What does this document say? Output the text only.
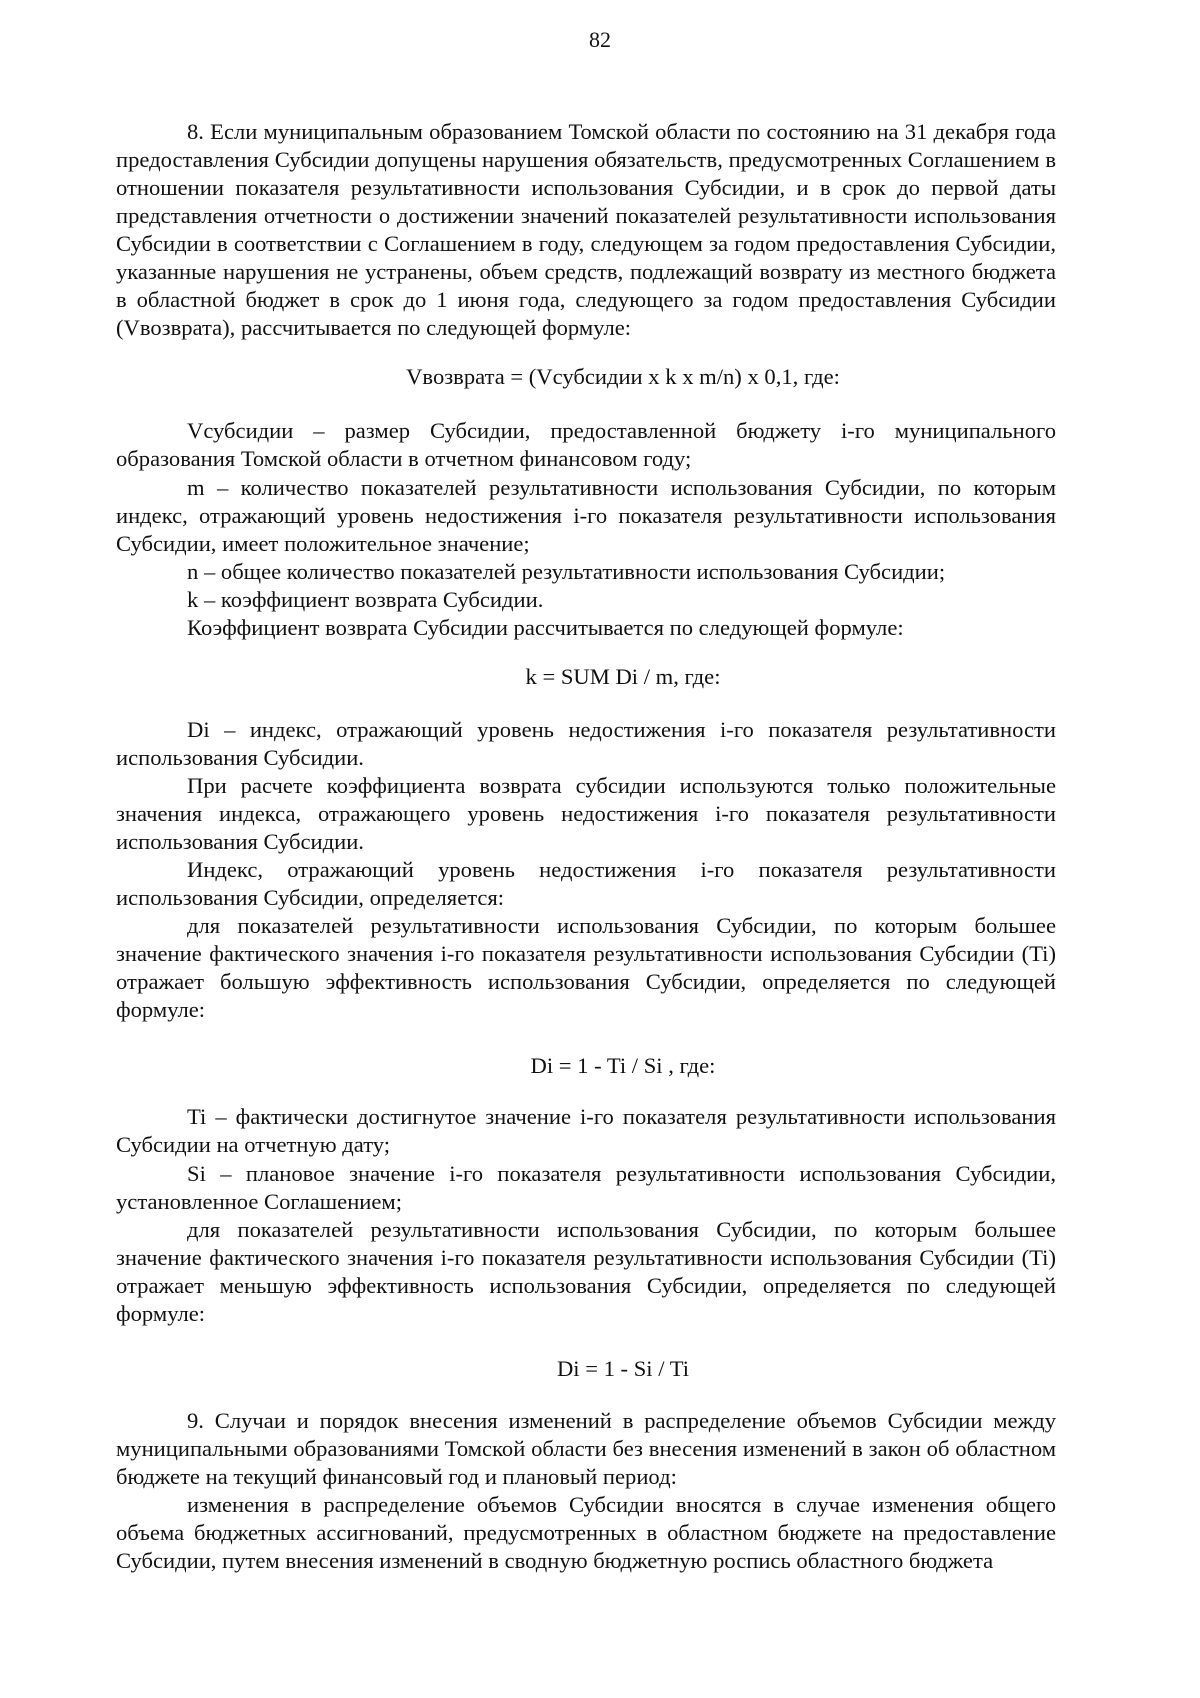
82

8. Если муниципальным образованием Томской области по состоянию на 31 декабря года предоставления Субсидии допущены нарушения обязательств, предусмотренных Соглашением в отношении показателя результативности использования Субсидии, и в срок до первой даты представления отчетности о достижении значений показателей результативности использования Субсидии в соответствии с Соглашением в году, следующем за годом предоставления Субсидии, указанные нарушения не устранены, объем средств, подлежащий возврату из местного бюджета в областной бюджет в срок до 1 июня года, следующего за годом предоставления Субсидии (Vвозврата), рассчитывается по следующей формуле:

Vвозврата = (Vсубсидии x k x m/n) x 0,1, где:

Vсубсидии – размер Субсидии, предоставленной бюджету i-го муниципального образования Томской области в отчетном финансовом году;

m – количество показателей результативности использования Субсидии, по которым индекс, отражающий уровень недостижения i-го показателя результативности использования Субсидии, имеет положительное значение;

n – общее количество показателей результативности использования Субсидии;

k – коэффициент возврата Субсидии.

Коэффициент возврата Субсидии рассчитывается по следующей формуле:

k = SUM Di / m, где:

Di – индекс, отражающий уровень недостижения i-го показателя результативности использования Субсидии.

При расчете коэффициента возврата субсидии используются только положительные значения индекса, отражающего уровень недостижения i-го показателя результативности использования Субсидии.

Индекс, отражающий уровень недостижения i-го показателя результативности использования Субсидии, определяется:

для показателей результативности использования Субсидии, по которым большее значение фактического значения i-го показателя результативности использования Субсидии (Ti) отражает большую эффективность использования Субсидии, определяется по следующей формуле:

Di = 1 - Ti / Si , где:

Ti – фактически достигнутое значение i-го показателя результативности использования Субсидии на отчетную дату;

Si – плановое значение i-го показателя результативности использования Субсидии, установленное Соглашением;

для показателей результативности использования Субсидии, по которым большее значение фактического значения i-го показателя результативности использования Субсидии (Ti) отражает меньшую эффективность использования Субсидии, определяется по следующей формуле:

Di = 1 - Si / Ti

9. Случаи и порядок внесения изменений в распределение объемов Субсидии между муниципальными образованиями Томской области без внесения изменений в закон об областном бюджете на текущий финансовый год и плановый период:

изменения в распределение объемов Субсидии вносятся в случае изменения общего объема бюджетных ассигнований, предусмотренных в областном бюджете на предоставление Субсидии, путем внесения изменений в сводную бюджетную роспись областного бюджета
